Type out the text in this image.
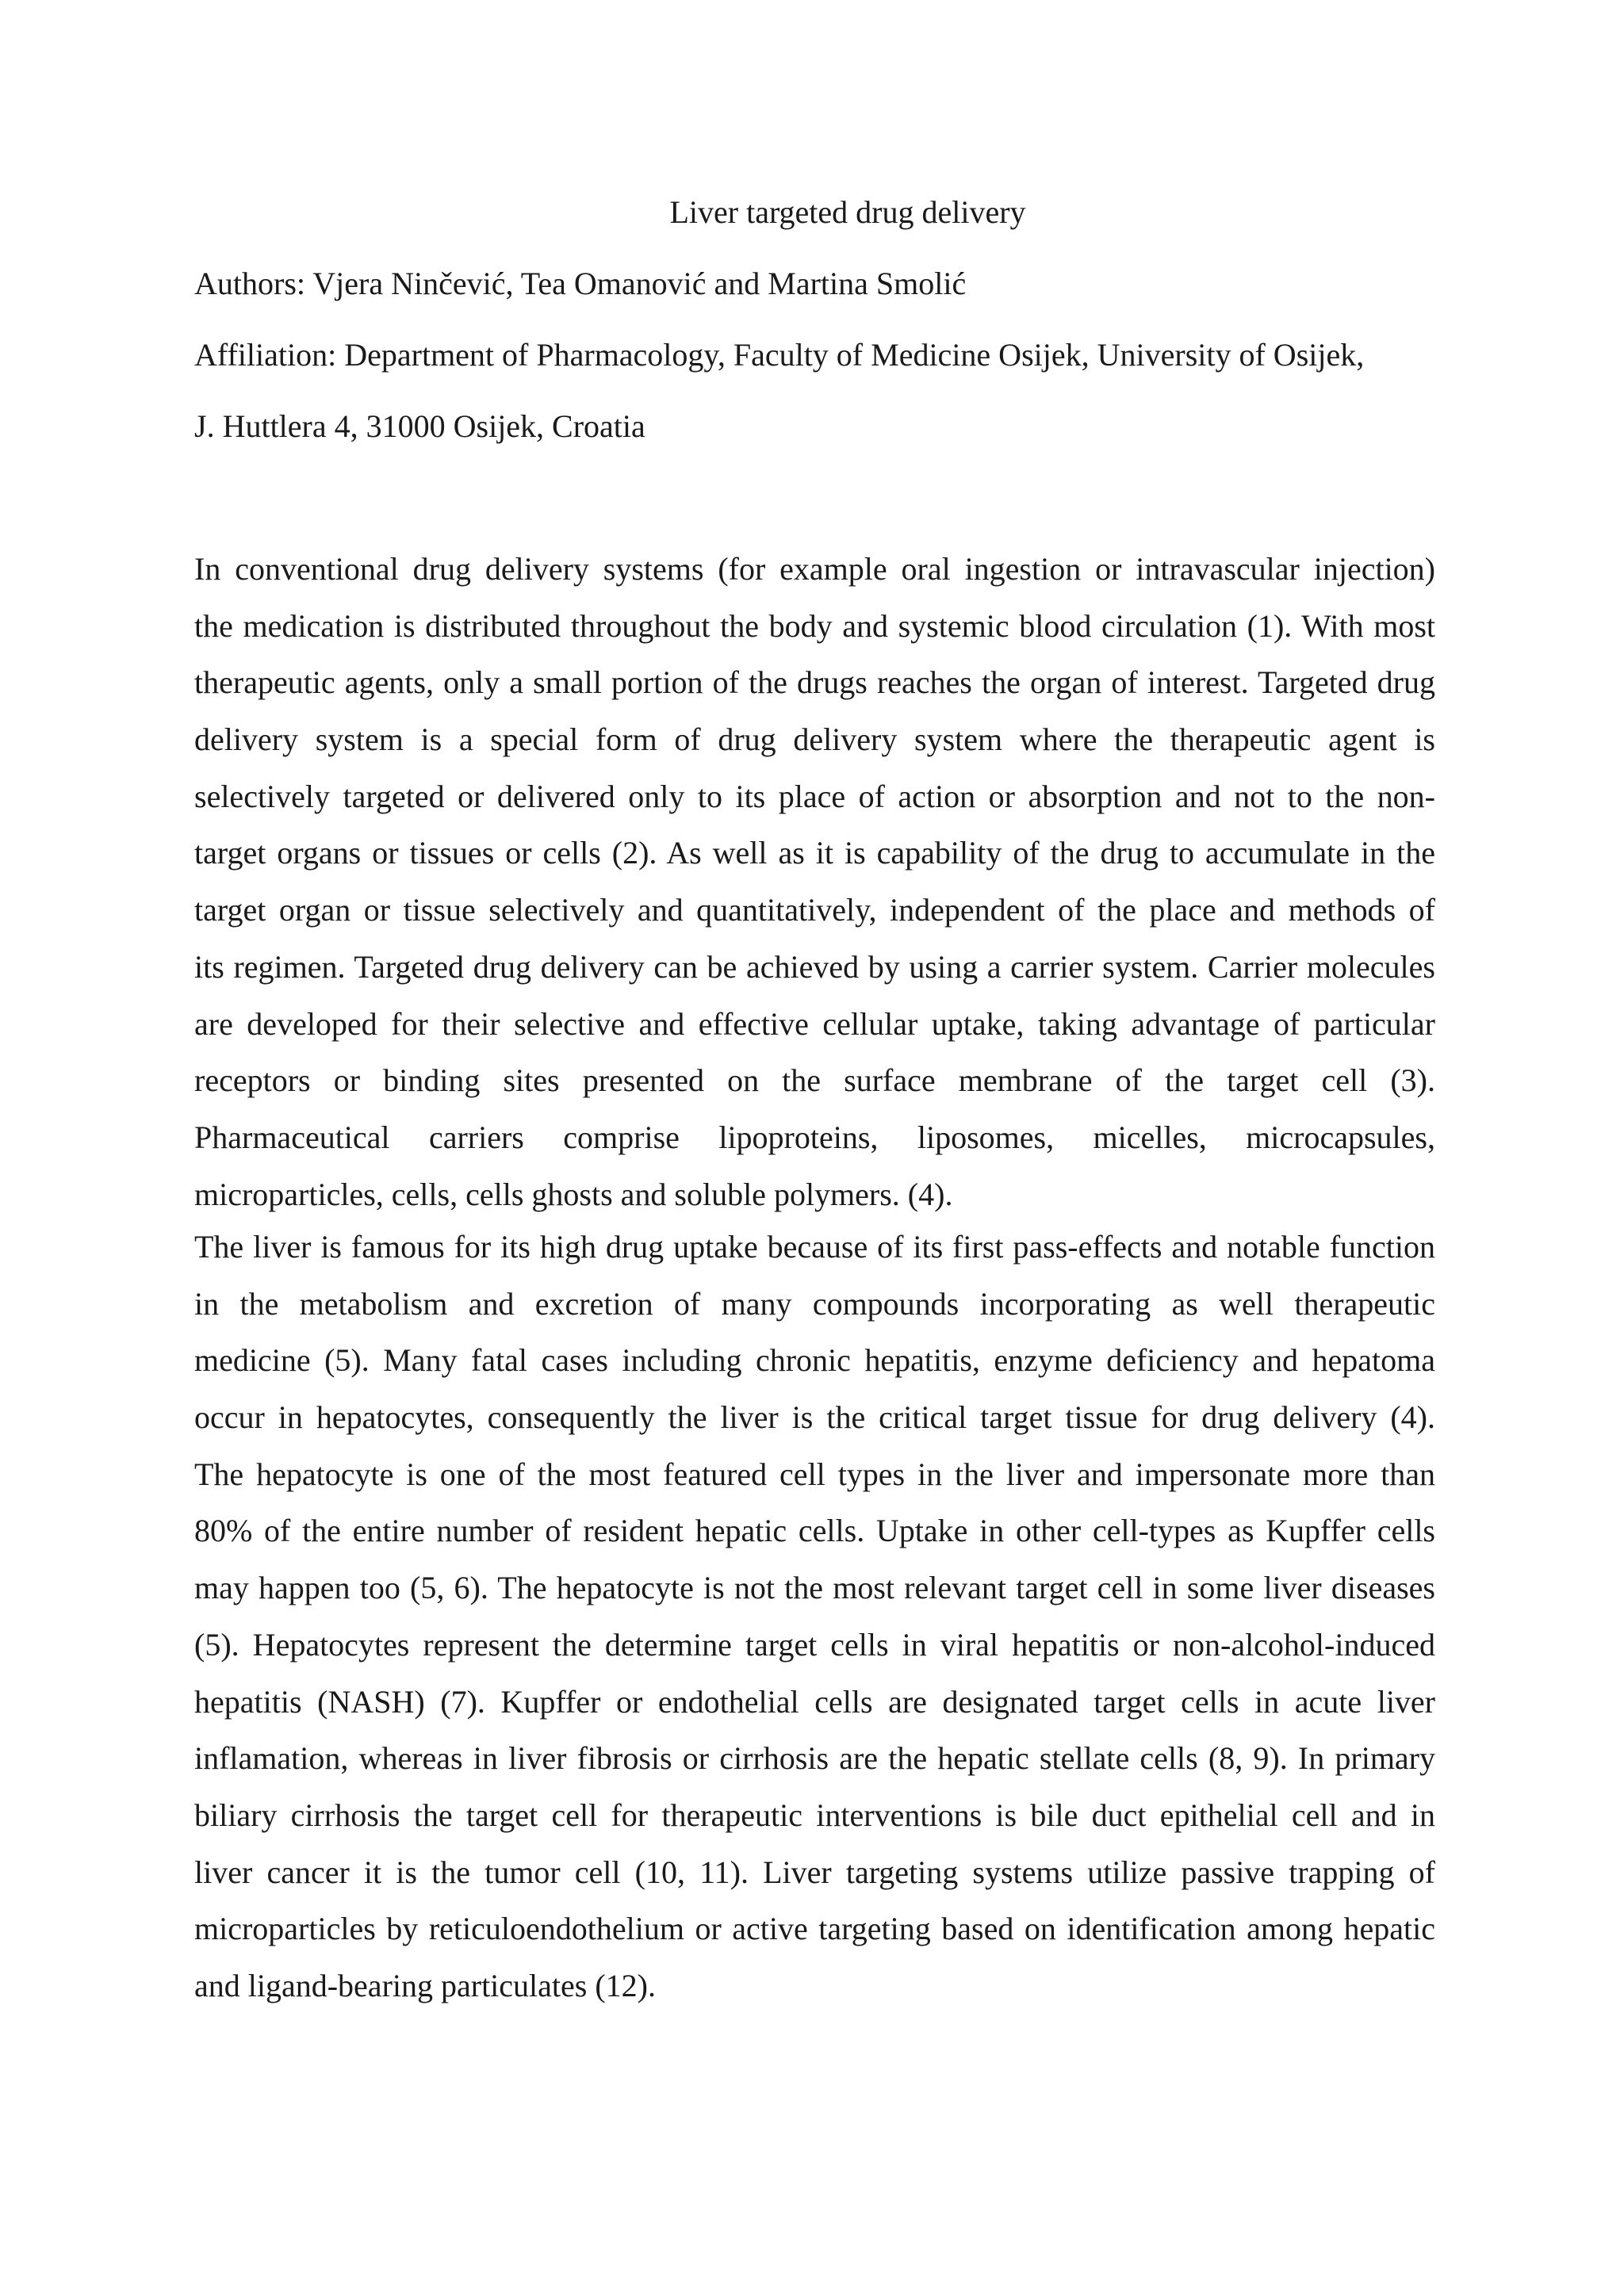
Liver targeted drug delivery
Authors: Vjera Ninčević, Tea Omanović and Martina Smolić
Affiliation: Department of Pharmacology, Faculty of Medicine Osijek, University of Osijek,
J. Huttlera 4, 31000 Osijek, Croatia
In conventional drug delivery systems (for example oral ingestion or intravascular injection)
the medication is distributed throughout the body and systemic blood circulation (1). With most
therapeutic agents, only a small portion of the drugs reaches the organ of interest. Targeted drug
delivery system is a special form of drug delivery system where the therapeutic agent is
selectively targeted or delivered only to its place of action or absorption and not to the non-
target organs or tissues or cells (2). As well as it is capability of the drug to accumulate in the
target organ or tissue selectively and quantitatively, independent of the place and methods of
its regimen. Targeted drug delivery can be achieved by using a carrier system. Carrier molecules
are developed for their selective and effective cellular uptake, taking advantage of particular
receptors or binding sites presented on the surface membrane of the target cell (3).
Pharmaceutical carriers comprise lipoproteins, liposomes, micelles, microcapsules,
microparticles, cells, cells ghosts and soluble polymers. (4).
The liver is famous for its high drug uptake because of its first pass-effects and notable function
in the metabolism and excretion of many compounds incorporating as well therapeutic
medicine (5). Many fatal cases including chronic hepatitis, enzyme deficiency and hepatoma
occur in hepatocytes, consequently the liver is the critical target tissue for drug delivery (4).
The hepatocyte is one of the most featured cell types in the liver and impersonate more than
80% of the entire number of resident hepatic cells. Uptake in other cell-types as Kupffer cells
may happen too (5, 6). The hepatocyte is not the most relevant target cell in some liver diseases
(5). Hepatocytes represent the determine target cells in viral hepatitis or non-alcohol-induced
hepatitis (NASH) (7). Kupffer or endothelial cells are designated target cells in acute liver
inflamation, whereas in liver fibrosis or cirrhosis are the hepatic stellate cells (8, 9). In primary
biliary cirrhosis the target cell for therapeutic interventions is bile duct epithelial cell and in
liver cancer it is the tumor cell (10, 11). Liver targeting systems utilize passive trapping of
microparticles by reticuloendothelium or active targeting based on identification among hepatic
and ligand-bearing particulates (12).
